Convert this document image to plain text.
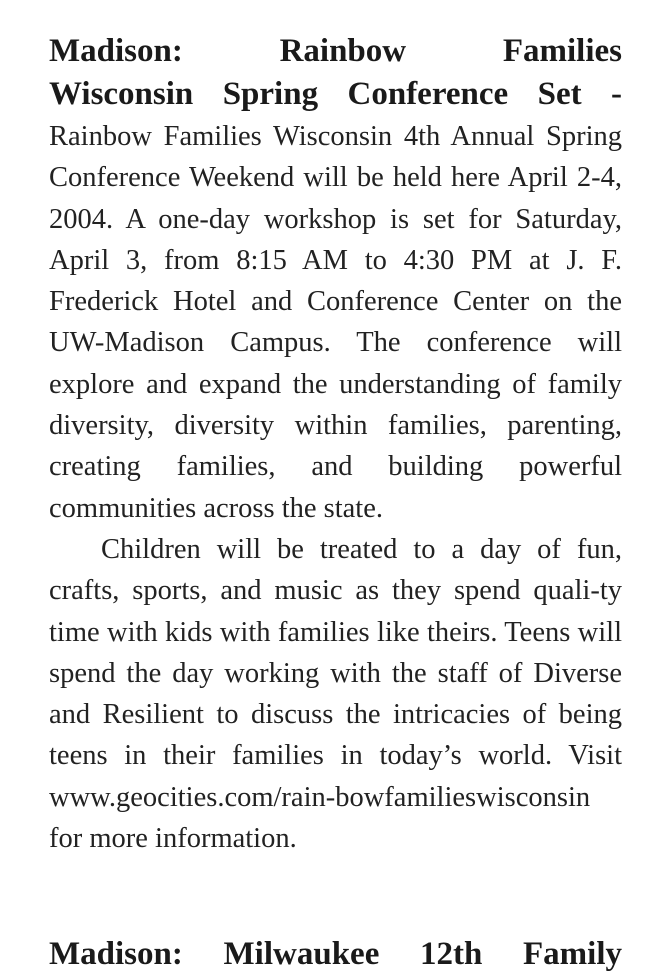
Madison: Rainbow Families
Wisconsin Spring Conference Set -

Rainbow Families Wisconsin 4th Annual Spring Conference Weekend will be held here April 2-4, 2004. A one-day workshop is set for Saturday, April 3, from 8:15 AM to 4:30 PM at J. F. Frederick Hotel and Conference Center on the UW-Madison Campus. The conference will explore and expand the understanding of family diversity, diversity within families, parenting, creating families, and building powerful communities across the state.

Children will be treated to a day of fun, crafts, sports, and music as they spend quali-ty time with kids with families like theirs. Teens will spend the day working with the staff of Diverse and Resilient to discuss the intricacies of being teens in their families in today’s world. Visit www.geocities.com/rain-bowfamilieswisconsin for more information.

Madison: Milwaukee 12th Family
